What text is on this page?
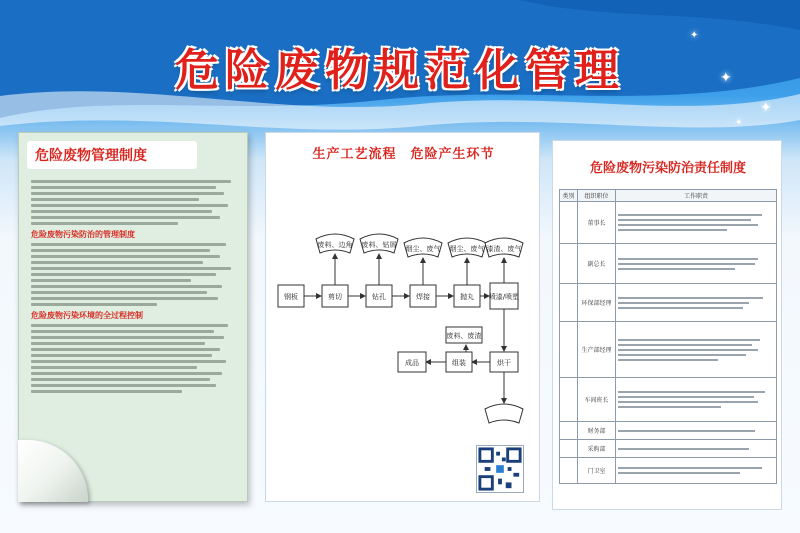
✦
✦
✦
✦
危险废物规范化管理
危险废物管理制度
危险废物污染防治的管理制度
危险废物污染环境的全过程控制
生产工艺流程　危险产生环节
钢板	剪切	钻孔	焊接	抛丸 喷漆/喷塑
废料、边角 废料、钻屑 烟尘、废气 烟尘、废气 漆渣、废气
烘干
废料、废渣
组装
成品
危险废物污染防治责任制度
类别	组织职位	工作职责
	董事长	

	副总长	

	环保部经理	

	生产部经理	

	车间班长	

	财务部	

	采购部	

	门卫室	
